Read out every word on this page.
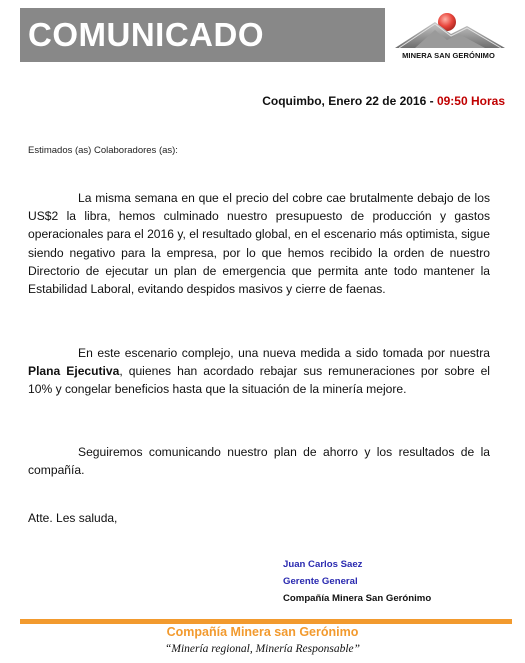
COMUNICADO
MINERA SAN GERÓNIMO
Coquimbo, Enero 22 de 2016 - 09:50 Horas
Estimados (as) Colaboradores (as):

La misma semana en que el precio del cobre cae brutalmente debajo de los US$2 la libra, hemos culminado nuestro presupuesto de producción y gastos operacionales para el 2016 y, el resultado global, en el escenario más optimista, sigue siendo negativo para la empresa, por lo que hemos recibido la orden de nuestro Directorio de ejecutar un plan de emergencia que permita ante todo mantener la Estabilidad Laboral, evitando despidos masivos y cierre de faenas.

En este escenario complejo, una nueva medida a sido tomada por nuestra Plana Ejecutiva, quienes han acordado rebajar sus remuneraciones por sobre el 10% y congelar beneficios hasta que la situación de la minería mejore.

Seguiremos comunicando nuestro plan de ahorro y los resultados de la compañía.

Atte. Les saluda,
Juan Carlos Saez
Gerente General
Compañía Minera San Gerónimo
Compañía Minera san Gerónimo
“Minería regional, Minería Responsable”
